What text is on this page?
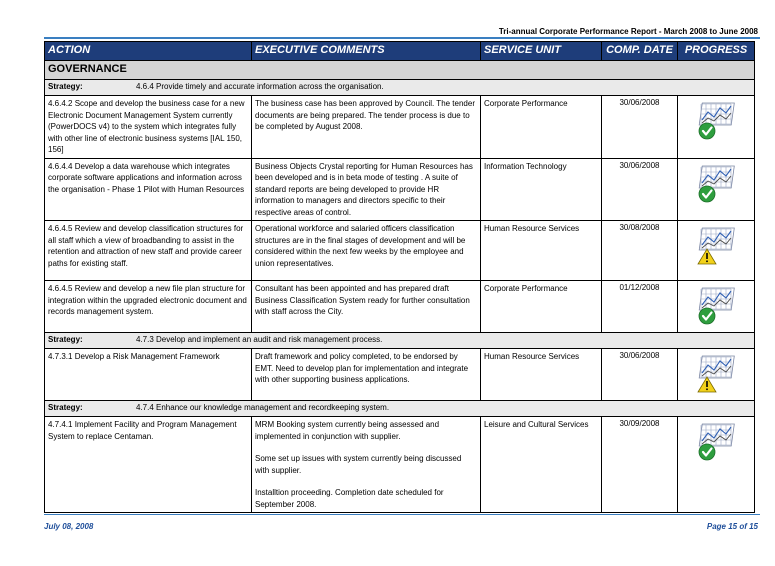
Tri-annual Corporate Performance Report - March 2008 to June 2008
ACTION	EXECUTIVE COMMENTS	SERVICE UNIT	COMP. DATE	PROGRESS
GOVERNANCE				
Strategy: 4.6.4 Provide timely and accurate information across the organisation.				
4.6.4.2 Scope and develop the business case for a new Electronic Document Management System currently (PowerDOCS v4) to the system which integrates fully with other line of electronic business systems [IAL 150, 156]	The business case has been approved by Council. The tender documents are being prepared. The tender process is due to be completed by August 2008.	Corporate Performance	30/06/2008	
4.6.4.4 Develop a data warehouse which integrates corporate software applications and information across the organisation - Phase 1 Pilot with Human Resources	Business Objects Crystal reporting for Human Resources has been developed and is in beta mode of testing . A suite of standard reports are being developed to provide HR information to managers and directors specific to their respective areas of control.	Information Technology	30/06/2008	
4.6.4.5 Review and develop classification structures for all staff which a view of broadbanding to assist in the retention and attraction of new staff and provide career paths for existing staff.	Operational workforce and salaried officers classification structures are in the final stages of development and will be considered within the next few weeks by the employee and union representatives.	Human Resource Services	30/08/2008	
4.6.4.5 Review and develop a new file plan structure for integration within the upgraded electronic document and records management system.	Consultant has been appointed and has prepared draft Business Classification System ready for further consultation with staff across the City.	Corporate Performance	01/12/2008	
Strategy: 4.7.3 Develop and implement an audit and risk management process.				
4.7.3.1 Develop a Risk Management Framework	Draft framework and policy completed, to be endorsed by EMT. Need to develop plan for implementation and integrate with other supporting business applications.	Human Resource Services	30/06/2008	
Strategy: 4.7.4 Enhance our knowledge management and recordkeeping system.				
4.7.4.1 Implement Facility and Program Management System to replace Centaman.	MRM Booking system currently being assessed and implemented in conjunction with supplier.

Some set up issues with system currently being discussed with supplier.

Installtion proceeding. Completion date scheduled for September 2008.	Leisure and Cultural Services	30/09/2008	
July 08, 2008	Page 15 of 15
